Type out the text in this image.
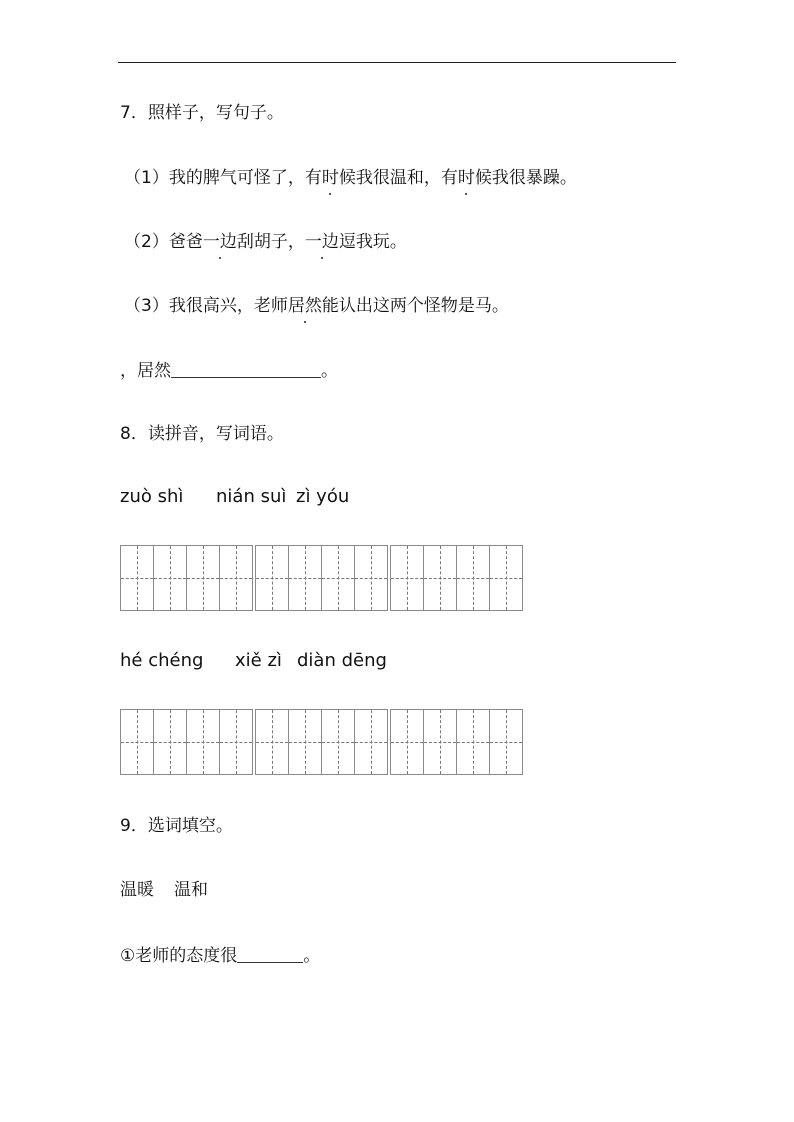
7．照样子，写句子。
（1）我的脾气可怪了，有时候我很温和，有时候我很暴躁。
（2）爸爸一边刮胡子，一边逗我玩。
（3）我很高兴，老师居然能认出这两个怪物是马。
，居然	。
8．读拼音，写词语。
zuò shì nián suì zì yóu
hé chéng xiě zì diàn dēng
9．选词填空。
温暖 温和
①老师的态度很	。
